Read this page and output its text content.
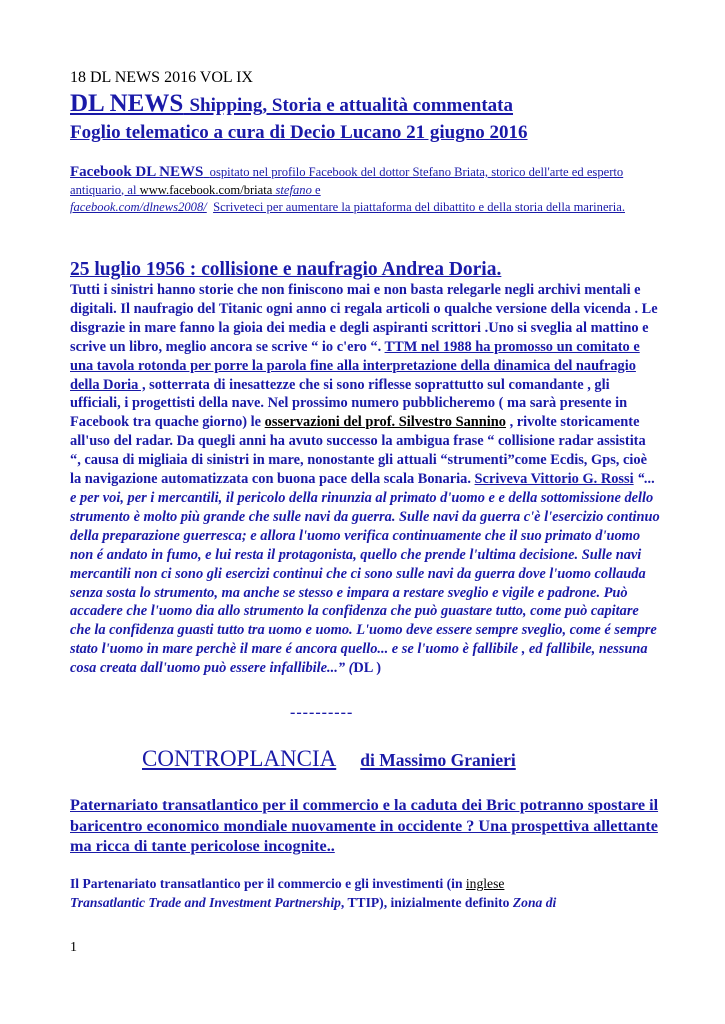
18 DL NEWS 2016 VOL IX

DL NEWS Shipping, Storia e attualità commentata

Foglio telematico a cura di Decio Lucano 21 giugno 2016

Facebook DL NEWS ospitato nel profilo Facebook del dottor Stefano Briata, storico dell'arte ed esperto antiquario, al www.facebook.com/briata stefano e
facebook.com/dlnews2008/ Scriveteci per aumentare la piattaforma del dibattito e della storia della marineria.

25 luglio 1956 : collisione e naufragio Andrea Doria.

Tutti i sinistri hanno storie che non finiscono mai e non basta relegarle negli archivi mentali e digitali. Il naufragio del Titanic ogni anno ci regala articoli o qualche versione della vicenda . Le disgrazie in mare fanno la gioia dei media e degli aspiranti scrittori .Uno si sveglia al mattino e scrive un libro, meglio ancora se scrive “ io c'ero “. TTM nel 1988 ha promosso un comitato e una tavola rotonda per porre la parola fine alla interpretazione della dinamica del naufragio della Doria , sotterrata di inesattezze che si sono riflesse soprattutto sul comandante , gli ufficiali, i progettisti della nave. Nel prossimo numero pubblicheremo ( ma sarà presente in Facebook tra quache giorno) le osservazioni del prof. Silvestro Sannino , rivolte storicamente all'uso del radar. Da quegli anni ha avuto successo la ambigua frase “ collisione radar assistita “, causa di migliaia di sinistri in mare, nonostante gli attuali “strumenti”come Ecdis, Gps, cioè la navigazione automatizzata con buona pace della scala Bonaria. Scriveva Vittorio G. Rossi “... e per voi, per i mercantili, il pericolo della rinunzia al primato d'uomo e e della sottomissione dello strumento è molto più grande che sulle navi da guerra. Sulle navi da guerra c'è l'esercizio continuo della preparazione guerresca; e allora l'uomo verifica continuamente che il suo primato d'uomo non é andato in fumo, e lui resta il protagonista, quello che prende l'ultima decisione. Sulle navi mercantili non ci sono gli esercizi continui che ci sono sulle navi da guerra dove l'uomo collauda senza sosta lo strumento, ma anche se stesso e impara a restare sveglio e vigile e padrone. Può accadere che l'uomo dia allo strumento la confidenza che può guastare tutto, come può capitare che la confidenza guasti tutto tra uomo e uomo. L'uomo deve essere sempre sveglio, come é sempre stato l'uomo in mare perchè il mare é ancora quello... e se l'uomo è fallibile , ed fallibile, nessuna cosa creata dall'uomo può essere infallibile...” (DL )

----------

CONTROPLANCIA di Massimo Granieri

Paternariato transatlantico per il commercio e la caduta dei Bric potranno spostare il baricentro economico mondiale nuovamente in occidente ? Una prospettiva allettante ma ricca di tante pericolose incognite..

Il Partenariato transatlantico per il commercio e gli investimenti (in inglese
Transatlantic Trade and Investment Partnership, TTIP), inizialmente definito Zona di

1
